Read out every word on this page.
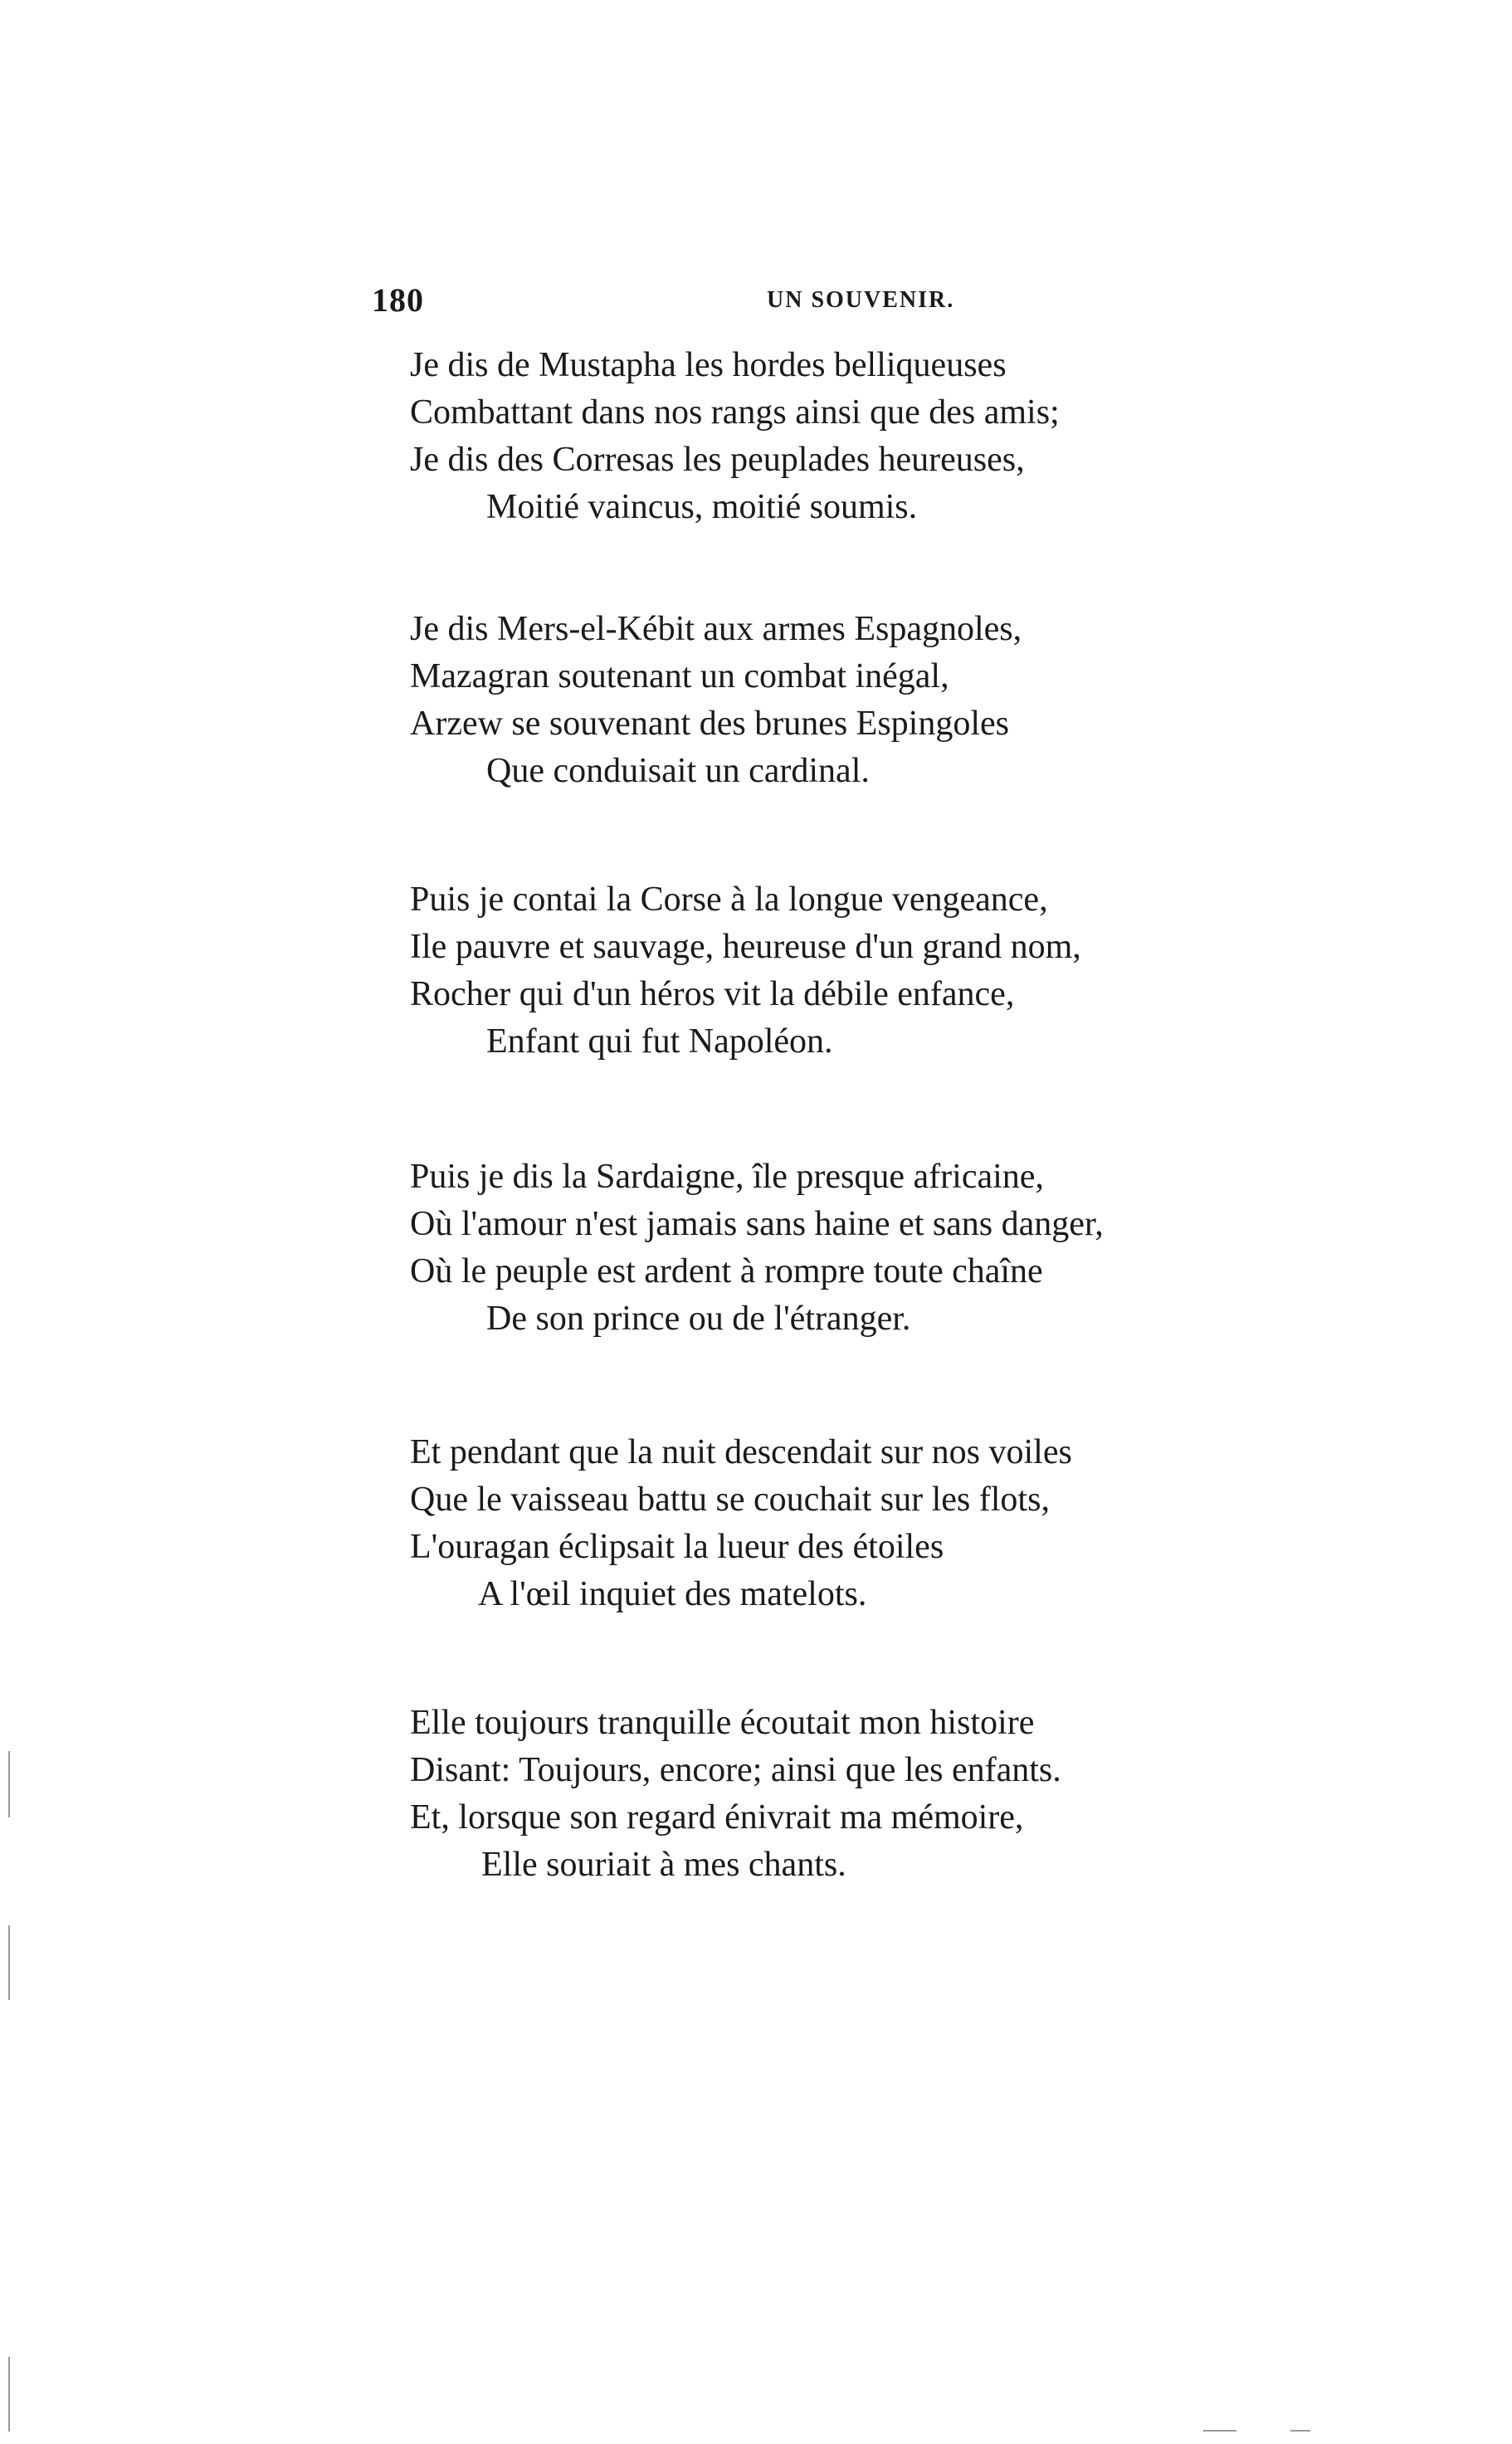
180	UN SOUVENIR.
Je dis de Mustapha les hordes belliqueuses
Combattant dans nos rangs ainsi que des amis;
Je dis des Corresas les peuplades heureuses,
Moitié vaincus, moitié soumis.
Je dis Mers-el-Kébit aux armes Espagnoles,
Mazagran soutenant un combat inégal,
Arzew se souvenant des brunes Espingoles
Que conduisait un cardinal.
Puis je contai la Corse à la longue vengeance,
Ile pauvre et sauvage, heureuse d'un grand nom,
Rocher qui d'un héros vit la débile enfance,
Enfant qui fut Napoléon.
Puis je dis la Sardaigne, île presque africaine,
Où l'amour n'est jamais sans haine et sans danger,
Où le peuple est ardent à rompre toute chaîne
De son prince ou de l'étranger.
Et pendant que la nuit descendait sur nos voiles
Que le vaisseau battu se couchait sur les flots,
L'ouragan éclipsait la lueur des étoiles
A l'œil inquiet des matelots.
Elle toujours tranquille écoutait mon histoire
Disant: Toujours, encore; ainsi que les enfants.
Et, lorsque son regard énivrait ma mémoire,
Elle souriait à mes chants.
